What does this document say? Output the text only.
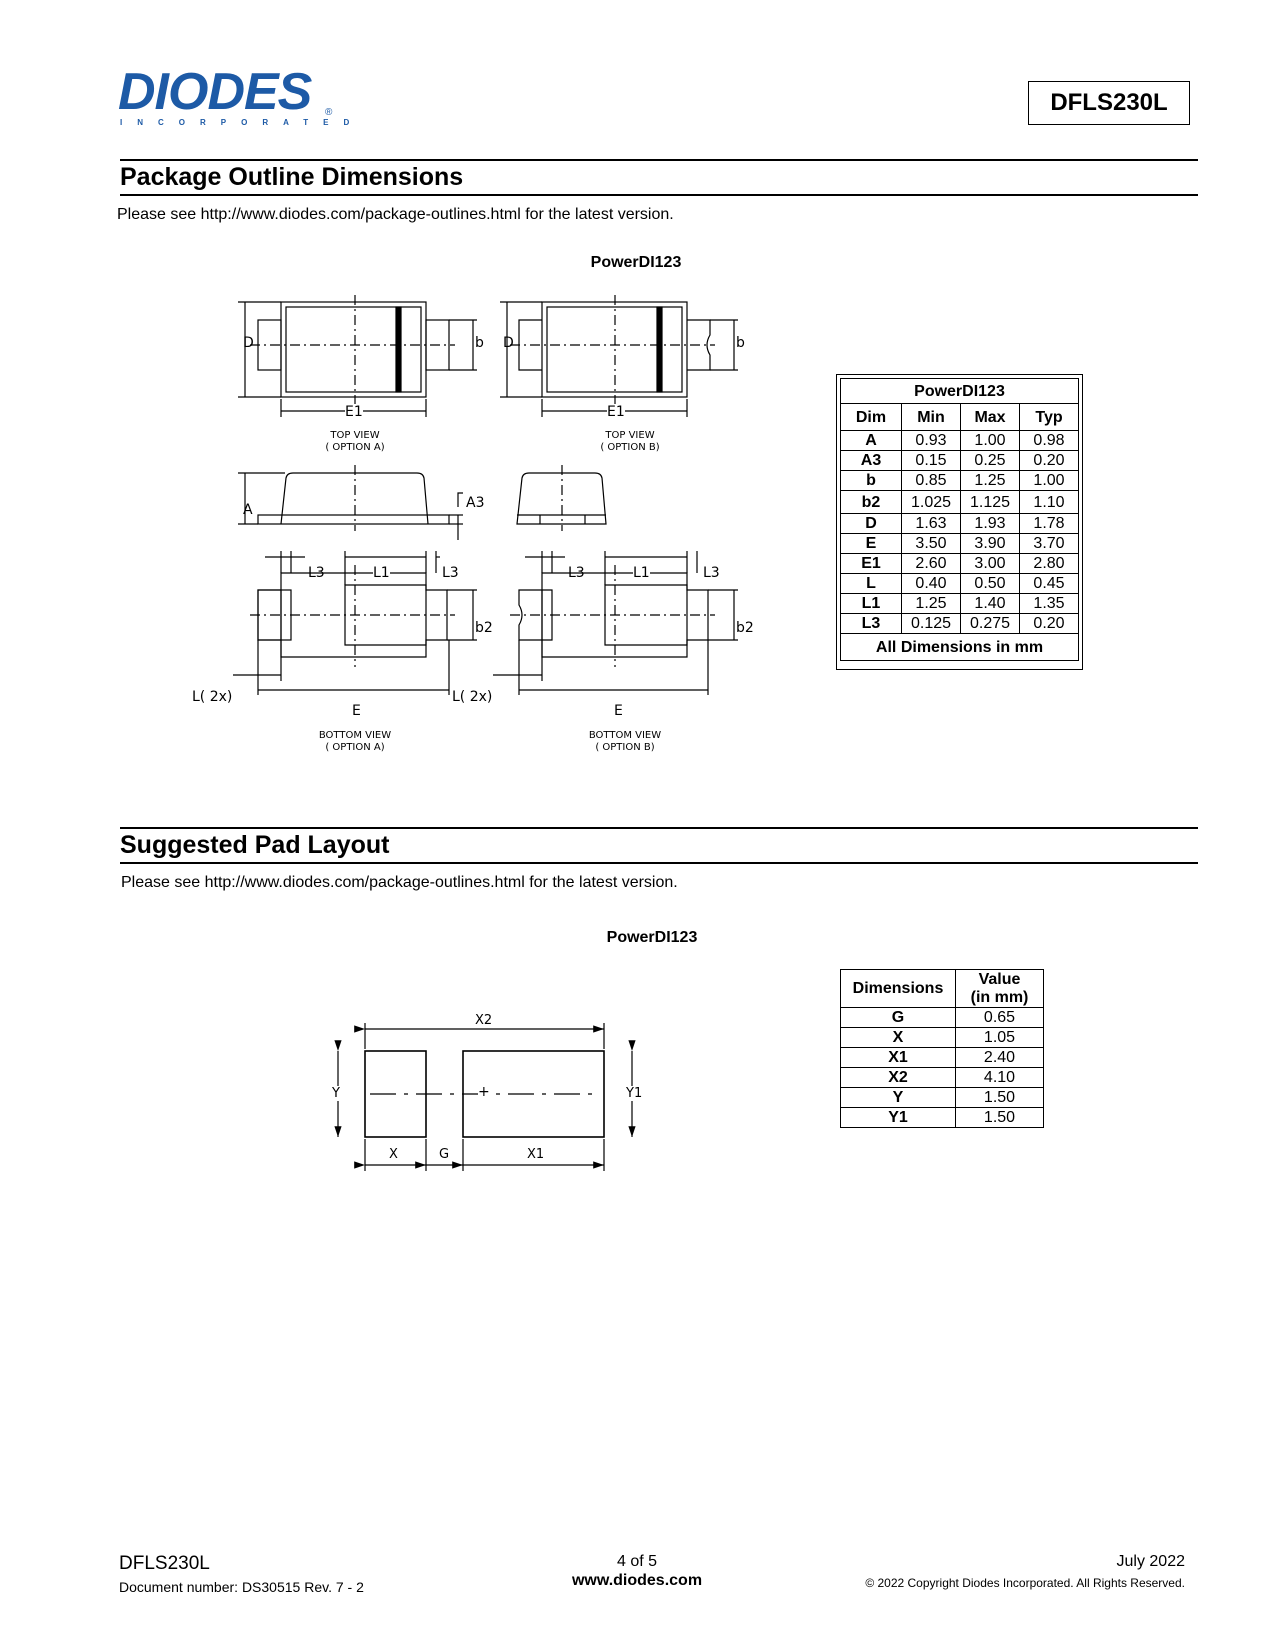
DIODES ®
INCORPORATED
DFLS230L
Package Outline Dimensions
Please see http://www.diodes.com/package-outlines.html for the latest version.
PowerDI123
D	b
E1
D	b
E1
TOP VIEW
( OPTION A)
TOP VIEW
( OPTION B)
A	A3
L3	L1	L3
b2
L( 2x)
E
L3	L1	L3
b2
L( 2x)
E
BOTTOM VIEW
( OPTION A)
BOTTOM VIEW
( OPTION B)
PowerDI123			
Dim	Min	Max	Typ
A	0.93	1.00	0.98
A3	0.15	0.25	0.20
b	0.85	1.25	1.00
b2	1.025	1.125	1.10
D	1.63	1.93	1.78
E	3.50	3.90	3.70
E1	2.60	3.00	2.80
L	0.40	0.50	0.45
L1	1.25	1.40	1.35
L3	0.125	0.275	0.20
All Dimensions in mm			
Suggested Pad Layout
Please see http://www.diodes.com/package-outlines.html for the latest version.
PowerDI123
X2
Y	Y1
+
X	G	X1
Dimensions	Value
(in mm)

G	0.65
X	1.05
X1	2.40
X2	4.10
Y	1.50
Y1	1.50
DFLS230L
Document number: DS30515 Rev. 7 - 2
4 of 5
www.diodes.com
July 2022
© 2022 Copyright Diodes Incorporated. All Rights Reserved.
